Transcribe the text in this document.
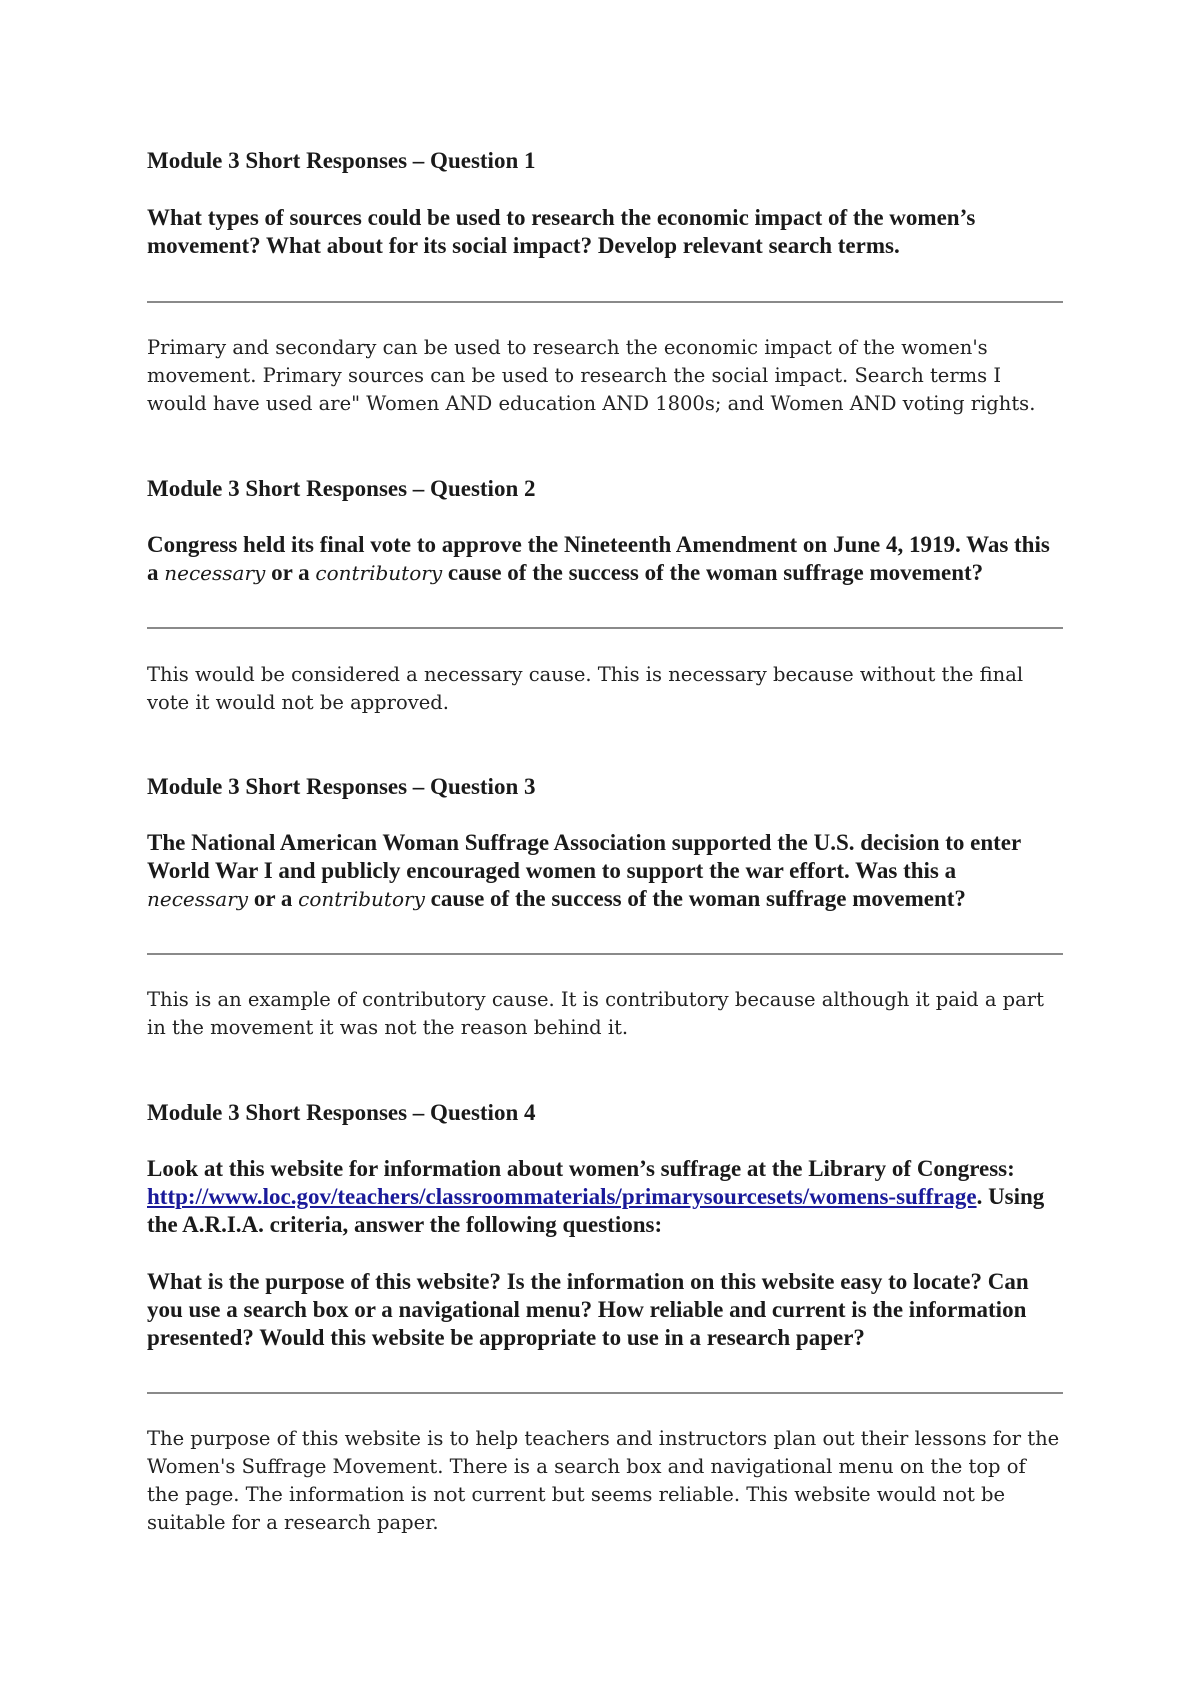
Module 3 Short Responses – Question 1

What types of sources could be used to research the economic impact of the women’s movement? What about for its social impact? Develop relevant search terms.

Primary and secondary can be used to research the economic impact of the women's movement. Primary sources can be used to research the social impact. Search terms I would have used are" Women AND education AND 1800s; and Women AND voting rights.

Module 3 Short Responses – Question 2

Congress held its final vote to approve the Nineteenth Amendment on June 4, 1919. Was this a necessary or a contributory cause of the success of the woman suffrage movement?

This would be considered a necessary cause. This is necessary because without the final vote it would not be approved.

Module 3 Short Responses – Question 3

The National American Woman Suffrage Association supported the U.S. decision to enter World War I and publicly encouraged women to support the war effort. Was this a necessary or a contributory cause of the success of the woman suffrage movement?

This is an example of contributory cause. It is contributory because although it paid a part in the movement it was not the reason behind it.

Module 3 Short Responses – Question 4

Look at this website for information about women’s suffrage at the Library of Congress: http://www.loc.gov/teachers/classroommaterials/primarysourcesets/womens-suffrage. Using the A.R.I.A. criteria, answer the following questions:

What is the purpose of this website? Is the information on this website easy to locate? Can you use a search box or a navigational menu? How reliable and current is the information presented? Would this website be appropriate to use in a research paper?

The purpose of this website is to help teachers and instructors plan out their lessons for the Women's Suffrage Movement. There is a search box and navigational menu on the top of the page. The information is not current but seems reliable. This website would not be suitable for a research paper.
